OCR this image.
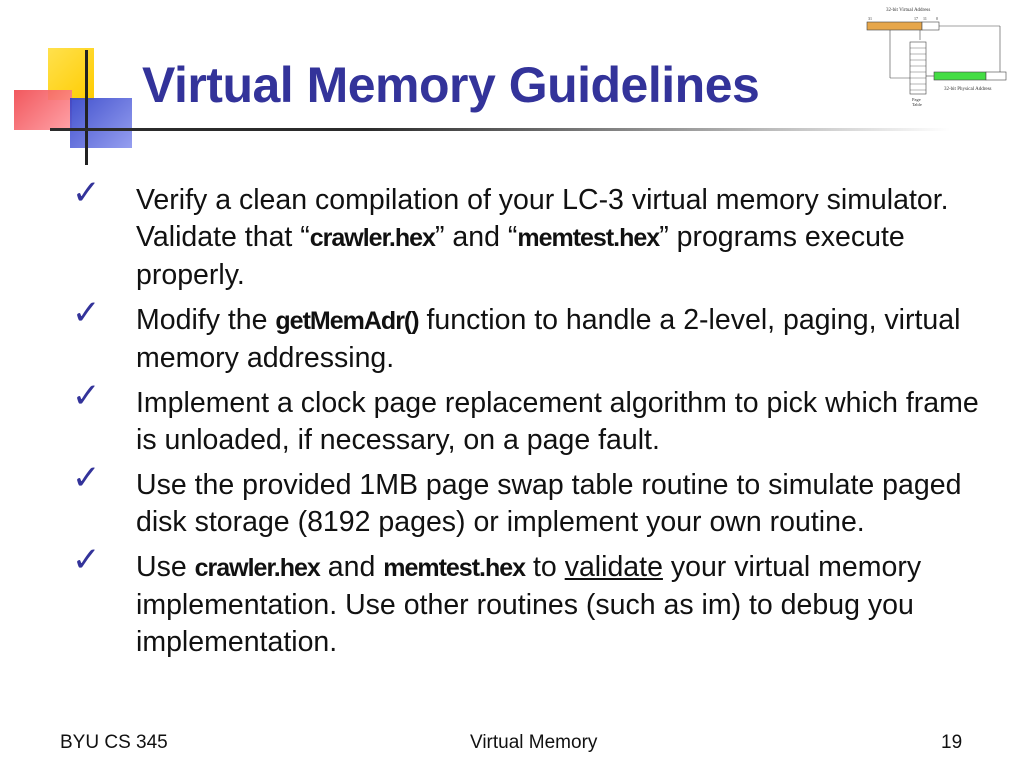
Virtual Memory Guidelines
32-bit Virtual Address
31	17 11 0
32-bit Physical Address
Page
Table
✓ Verify a clean compilation of your LC-3 virtual memory simulator. Validate that “crawler.hex” and “memtest.hex” programs execute properly.
✓ Modify the getMemAdr() function to handle a 2-level, paging, virtual memory addressing.
✓ Implement a clock page replacement algorithm to pick which frame is unloaded, if necessary, on a page fault.
✓ Use the provided 1MB page swap table routine to simulate paged disk storage (8192 pages) or implement your own routine.
✓ Use crawler.hex and memtest.hex to validate your virtual memory implementation. Use other routines (such as im) to debug you implementation.
BYU CS 345	Virtual Memory	19
